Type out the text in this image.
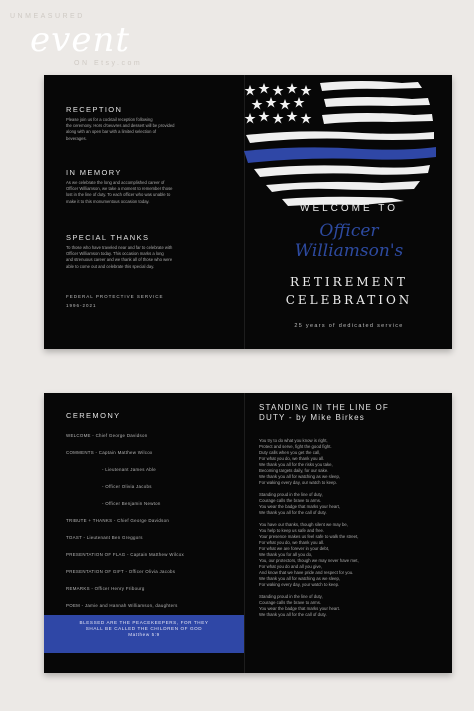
UNMEASURED
event
ON Etsy.com
RECEPTION
Please join us for a cocktail reception following
the ceremony. Hors d'oeuvres and dessert will be provided
along with an open bar with a limited selection of
beverages.
IN MEMORY
As we celebrate the long and accomplished career of
Officer Williamson, we take a moment to remember those
lost in the line of duty. To each officer who was unable to
make it to this monumentous occasion today.
SPECIAL THANKS
To those who have traveled near and far to celebrate with
Officer Williamson today. This occasion marks a long
and strenuous career and we thank all of those who were
able to come out and celebrate this special day.
FEDERAL PROTECTIVE SERVICE
1996-2021
WELCOME TO
Officer
Williamson's
RETIREMENT
CELEBRATION
25 years of dedicated service
CEREMONY
WELCOME - Chief George Davidson
COMMENTS - Captain Matthew Wilcox
- Lieutenant James Able
- Officer Olivia Jacobs
- Officer Benjamin Newton
TRIBUTE + THANKS - Chief George Davidson
TOAST - Lieutenant Ben Greggors
PRESENTATION OF FLAG - Captain Matthew Wilcox
PRESENTATION OF GIFT - Officer Olivia Jacobs
REMARKS - Officer Henry Fribourg
POEM - Jamie and Hannah Williamson, daughters
BLESSED ARE THE PEACEKEEPERS, FOR THEY
SHALL BE CALLED THE CHILDREN OF GOD
Matthew 5:9
STANDING IN THE LINE OF
DUTY - by Mike Birkes
You try to do what you know is right,
Protect and serve, fight the good fight.
Duty calls when you get the call,
For what you do, we thank you all.
We thank you all for the risks you take,
Becoming targets daily, for our sake.
We thank you all for watching as we sleep,
For waking every day, our watch to keep.
Standing proud in the line of duty,
Courage calls the brave to arms.
You wear the badge that marks your heart,
We thank you all for the call of duty.
You have our thanks, though silent we may be,
You help to keep us safe and free.
Your presence makes us feel safe to walk the street,
For what you do, we thank you all.
For what we are forever in your debt,
We thank you for all you do,
You, our protectors, though we may never have met,
For what you do and all you give,
And know that we have pride and respect for you.
We thank you all for watching as we sleep,
For waking every day, your watch to keep.
Standing proud in the line of duty,
Courage calls the brave to arms.
You wear the badge that marks your heart.
We thank you all for the call of duty.
